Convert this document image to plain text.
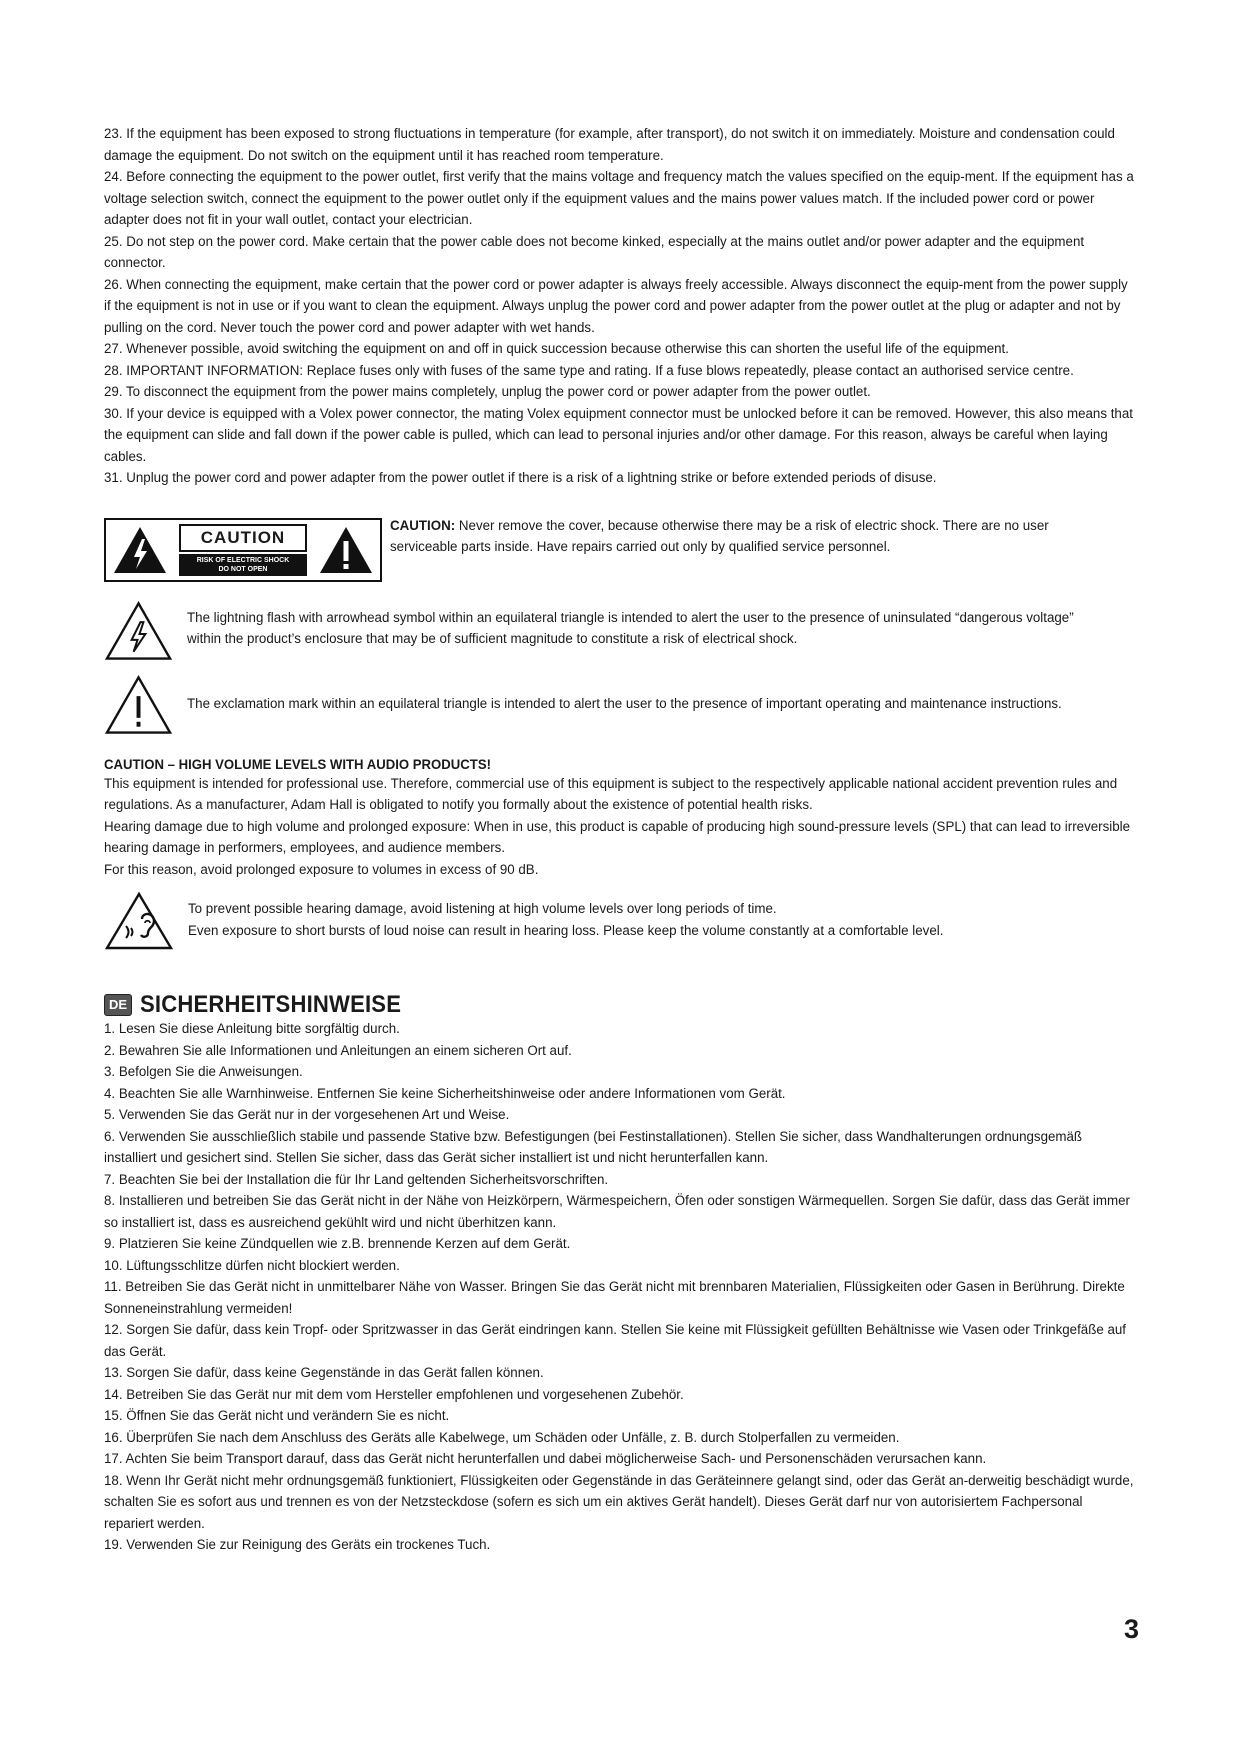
23. If the equipment has been exposed to strong fluctuations in temperature (for example, after transport), do not switch it on immediately. Moisture and condensation could damage the equipment. Do not switch on the equipment until it has reached room temperature.

24. Before connecting the equipment to the power outlet, first verify that the mains voltage and frequency match the values specified on the equip-ment. If the equipment has a voltage selection switch, connect the equipment to the power outlet only if the equipment values and the mains power values match. If the included power cord or power adapter does not fit in your wall outlet, contact your electrician.

25. Do not step on the power cord. Make certain that the power cable does not become kinked, especially at the mains outlet and/or power adapter and the equipment connector.

26. When connecting the equipment, make certain that the power cord or power adapter is always freely accessible. Always disconnect the equip-ment from the power supply if the equipment is not in use or if you want to clean the equipment. Always unplug the power cord and power adapter from the power outlet at the plug or adapter and not by pulling on the cord. Never touch the power cord and power adapter with wet hands.

27. Whenever possible, avoid switching the equipment on and off in quick succession because otherwise this can shorten the useful life of the equipment.

28. IMPORTANT INFORMATION: Replace fuses only with fuses of the same type and rating. If a fuse blows repeatedly, please contact an authorised service centre.

29. To disconnect the equipment from the power mains completely, unplug the power cord or power adapter from the power outlet.

30. If your device is equipped with a Volex power connector, the mating Volex equipment connector must be unlocked before it can be removed. However, this also means that the equipment can slide and fall down if the power cable is pulled, which can lead to personal injuries and/or other damage. For this reason, always be careful when laying cables.

31. Unplug the power cord and power adapter from the power outlet if there is a risk of a lightning strike or before extended periods of disuse.

CAUTION
RISK OF ELECTRIC SHOCK
DO NOT OPEN

CAUTION: Never remove the cover, because otherwise there may be a risk of electric shock. There are no user serviceable parts inside. Have repairs carried out only by qualified service personnel.

The lightning flash with arrowhead symbol within an equilateral triangle is intended to alert the user to the presence of uninsulated “dangerous voltage” within the product’s enclosure that may be of sufficient magnitude to constitute a risk of electrical shock.

The exclamation mark within an equilateral triangle is intended to alert the user to the presence of important operating and maintenance instructions.

CAUTION – HIGH VOLUME LEVELS WITH AUDIO PRODUCTS!

This equipment is intended for professional use. Therefore, commercial use of this equipment is subject to the respectively applicable national accident prevention rules and regulations. As a manufacturer, Adam Hall is obligated to notify you formally about the existence of potential health risks.

Hearing damage due to high volume and prolonged exposure: When in use, this product is capable of producing high sound-pressure levels (SPL) that can lead to irreversible hearing damage in performers, employees, and audience members.

For this reason, avoid prolonged exposure to volumes in excess of 90 dB.

To prevent possible hearing damage, avoid listening at high volume levels over long periods of time.

Even exposure to short bursts of loud noise can result in hearing loss. Please keep the volume constantly at a comfortable level.

DE SICHERHEITSHINWEISE

1. Lesen Sie diese Anleitung bitte sorgfältig durch.

2. Bewahren Sie alle Informationen und Anleitungen an einem sicheren Ort auf.

3. Befolgen Sie die Anweisungen.

4. Beachten Sie alle Warnhinweise. Entfernen Sie keine Sicherheitshinweise oder andere Informationen vom Gerät.

5. Verwenden Sie das Gerät nur in der vorgesehenen Art und Weise.

6. Verwenden Sie ausschließlich stabile und passende Stative bzw. Befestigungen (bei Festinstallationen). Stellen Sie sicher, dass Wandhalterungen ordnungsgemäß installiert und gesichert sind. Stellen Sie sicher, dass das Gerät sicher installiert ist und nicht herunterfallen kann.

7. Beachten Sie bei der Installation die für Ihr Land geltenden Sicherheitsvorschriften.

8. Installieren und betreiben Sie das Gerät nicht in der Nähe von Heizkörpern, Wärmespeichern, Öfen oder sonstigen Wärmequellen. Sorgen Sie dafür, dass das Gerät immer so installiert ist, dass es ausreichend gekühlt wird und nicht überhitzen kann.

9. Platzieren Sie keine Zündquellen wie z.B. brennende Kerzen auf dem Gerät.

10. Lüftungsschlitze dürfen nicht blockiert werden.

11. Betreiben Sie das Gerät nicht in unmittelbarer Nähe von Wasser. Bringen Sie das Gerät nicht mit brennbaren Materialien, Flüssigkeiten oder Gasen in Berührung. Direkte Sonneneinstrahlung vermeiden!

12. Sorgen Sie dafür, dass kein Tropf- oder Spritzwasser in das Gerät eindringen kann. Stellen Sie keine mit Flüssigkeit gefüllten Behältnisse wie Vasen oder Trinkgefäße auf das Gerät.

13. Sorgen Sie dafür, dass keine Gegenstände in das Gerät fallen können.

14. Betreiben Sie das Gerät nur mit dem vom Hersteller empfohlenen und vorgesehenen Zubehör.

15. Öffnen Sie das Gerät nicht und verändern Sie es nicht.

16. Überprüfen Sie nach dem Anschluss des Geräts alle Kabelwege, um Schäden oder Unfälle, z. B. durch Stolperfallen zu vermeiden.

17. Achten Sie beim Transport darauf, dass das Gerät nicht herunterfallen und dabei möglicherweise Sach- und Personenschäden verursachen kann.

18. Wenn Ihr Gerät nicht mehr ordnungsgemäß funktioniert, Flüssigkeiten oder Gegenstände in das Geräteinnere gelangt sind, oder das Gerät an-derweitig beschädigt wurde, schalten Sie es sofort aus und trennen es von der Netzsteckdose (sofern es sich um ein aktives Gerät handelt). Dieses Gerät darf nur von autorisiertem Fachpersonal repariert werden.

19. Verwenden Sie zur Reinigung des Geräts ein trockenes Tuch.

3
